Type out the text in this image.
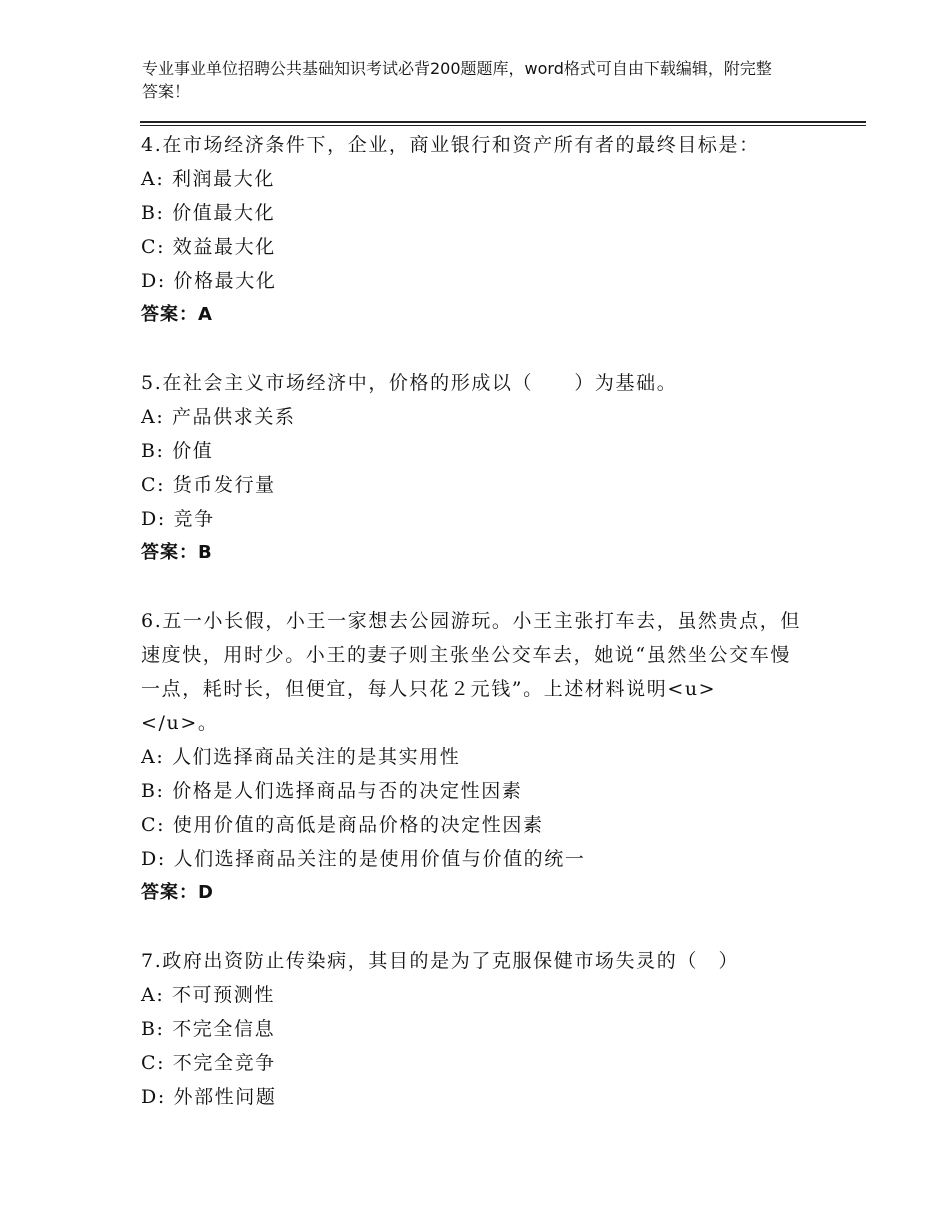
专业事业单位招聘公共基础知识考试必背200题题库，word格式可自由下载编辑，附完整答案！
4.在市场经济条件下，企业，商业银行和资产所有者的最终目标是：
A: 利润最大化
B: 价值最大化
C: 效益最大化
D: 价格最大化
答案：A
5.在社会主义市场经济中，价格的形成以（　　）为基础。
A: 产品供求关系
B: 价值
C: 货币发行量
D: 竞争
答案：B
6.五一小长假，小王一家想去公园游玩。小王主张打车去，虽然贵点，但速度快，用时少。小王的妻子则主张坐公交车去，她说“虽然坐公交车慢一点，耗时长，但便宜，每人只花２元钱”。上述材料说明<u>　　　　　</u>。
A: 人们选择商品关注的是其实用性
B: 价格是人们选择商品与否的决定性因素
C: 使用价值的高低是商品价格的决定性因素
D: 人们选择商品关注的是使用价值与价值的统一
答案：D
7.政府出资防止传染病，其目的是为了克服保健市场失灵的（　）
A: 不可预测性
B: 不完全信息
C: 不完全竞争
D: 外部性问题
